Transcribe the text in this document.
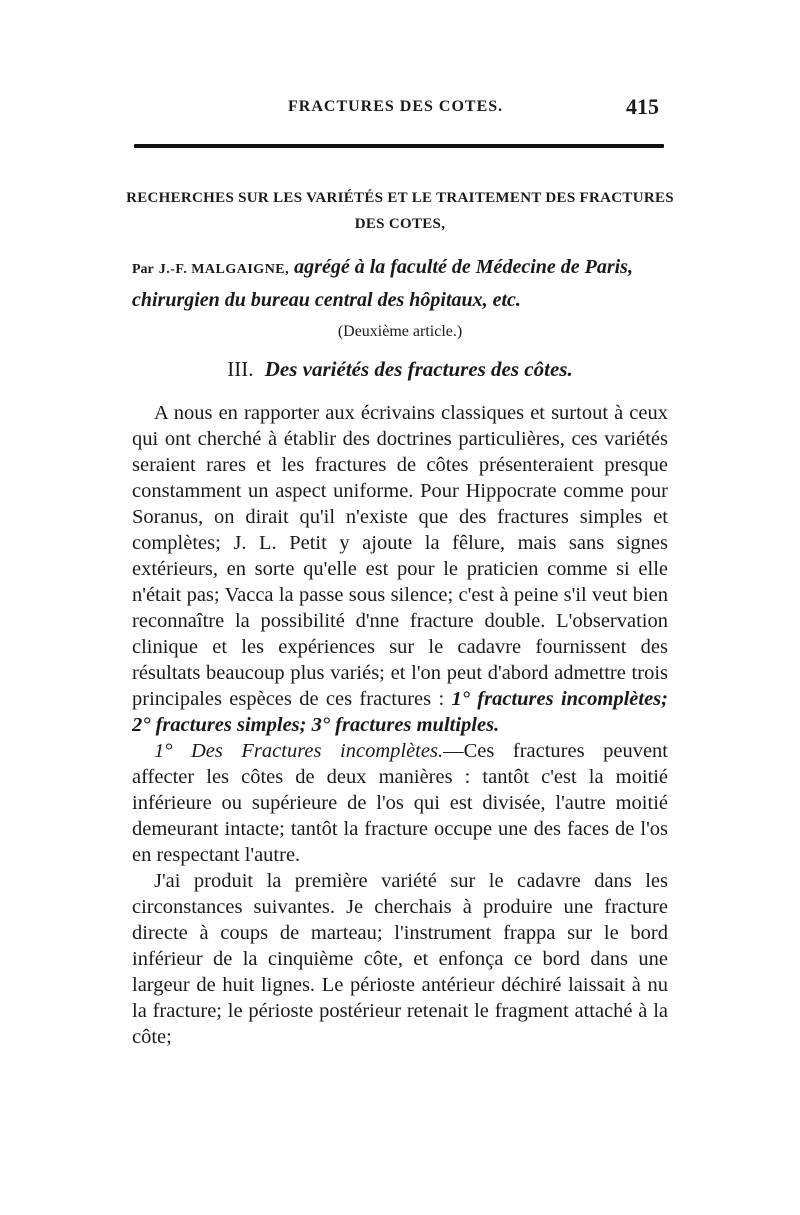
FRACTURES DES COTES.	415
RECHERCHES SUR LES VARIÉTÉS ET LE TRAITEMENT DES FRACTURES
DES COTES,
Par J.-F. MALGAIGNE, agrégé à la faculté de Médecine de Paris, chirurgien du bureau central des hôpitaux, etc.
(Deuxième article.)
III. Des variétés des fractures des côtes.

A nous en rapporter aux écrivains classiques et surtout à ceux qui ont cherché à établir des doctrines particulières, ces variétés seraient rares et les fractures de côtes présenteraient presque constamment un aspect uniforme. Pour Hippocrate comme pour Soranus, on dirait qu'il n'existe que des fractures simples et complètes; J. L. Petit y ajoute la fêlure, mais sans signes extérieurs, en sorte qu'elle est pour le praticien comme si elle n'était pas; Vacca la passe sous silence; c'est à peine s'il veut bien reconnaître la possibilité d'nne fracture double. L'observation clinique et les expériences sur le cadavre fournissent des résultats beaucoup plus variés; et l'on peut d'abord admettre trois principales espèces de ces fractures : 1° fractures incomplètes; 2° fractures simples; 3° fractures multiples.

1° Des Fractures incomplètes.—Ces fractures peuvent affecter les côtes de deux manières : tantôt c'est la moitié inférieure ou supérieure de l'os qui est divisée, l'autre moitié demeurant intacte; tantôt la fracture occupe une des faces de l'os en respectant l'autre.

J'ai produit la première variété sur le cadavre dans les circonstances suivantes. Je cherchais à produire une fracture directe à coups de marteau; l'instrument frappa sur le bord inférieur de la cinquième côte, et enfonça ce bord dans une largeur de huit lignes. Le périoste antérieur déchiré laissait à nu la fracture; le périoste postérieur retenait le fragment attaché à la côte;
